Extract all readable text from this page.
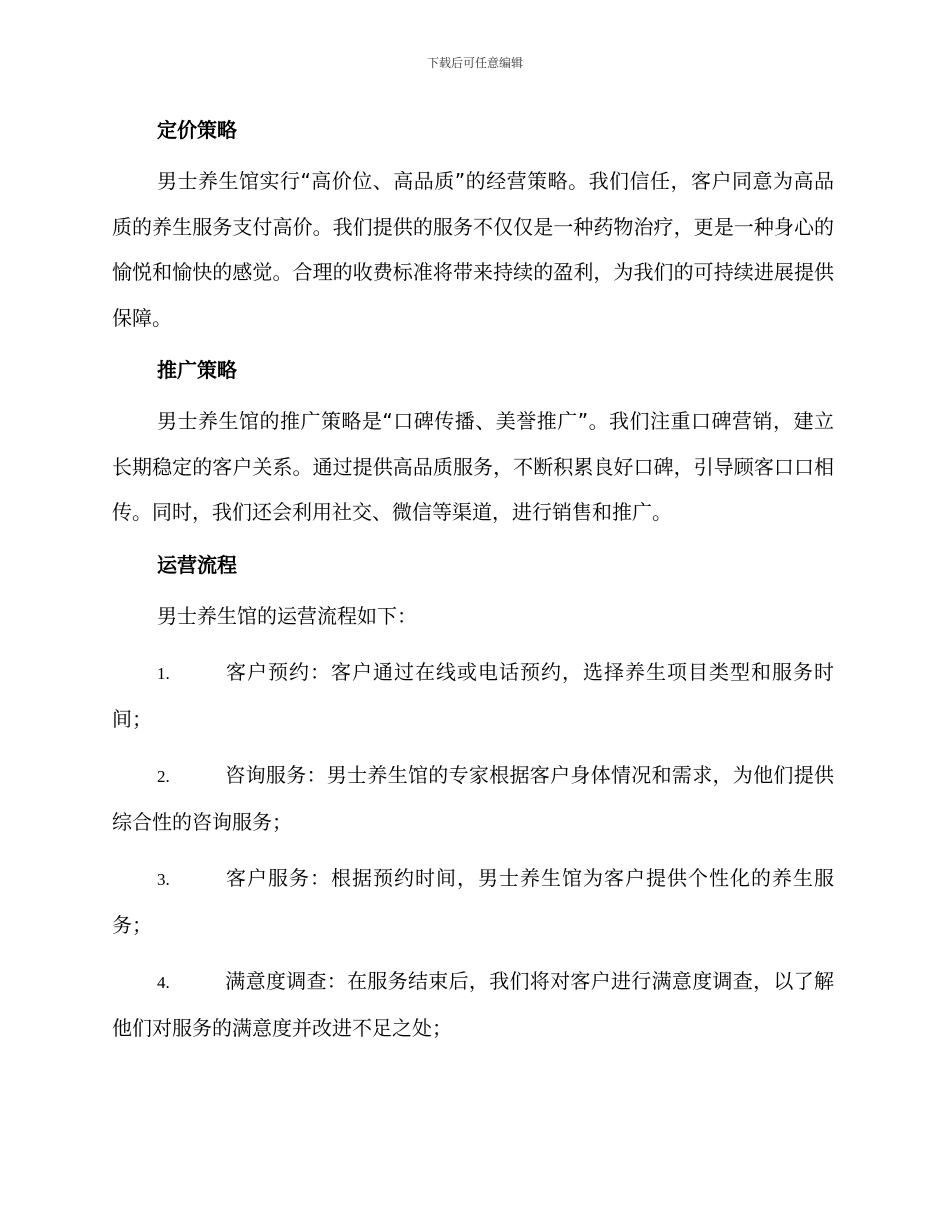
下载后可任意编辑
定价策略

男士养生馆实行“高价位、高品质”的经营策略。我们信任，客户同意为高品质的养生服务支付高价。我们提供的服务不仅仅是一种药物治疗，更是一种身心的愉悦和愉快的感觉。合理的收费标准将带来持续的盈利，为我们的可持续进展提供保障。

推广策略

男士养生馆的推广策略是“口碑传播、美誉推广”。我们注重口碑营销，建立长期稳定的客户关系。通过提供高品质服务，不断积累良好口碑，引导顾客口口相传。同时，我们还会利用社交、微信等渠道，进行销售和推广。

运营流程

男士养生馆的运营流程如下：

1.	客户预约：客户通过在线或电话预约，选择养生项目类型和服务时间；

2.	咨询服务：男士养生馆的专家根据客户身体情况和需求，为他们提供综合性的咨询服务；

3.	客户服务：根据预约时间，男士养生馆为客户提供个性化的养生服务；

4.	满意度调查：在服务结束后，我们将对客户进行满意度调查，以了解他们对服务的满意度并改进不足之处；
